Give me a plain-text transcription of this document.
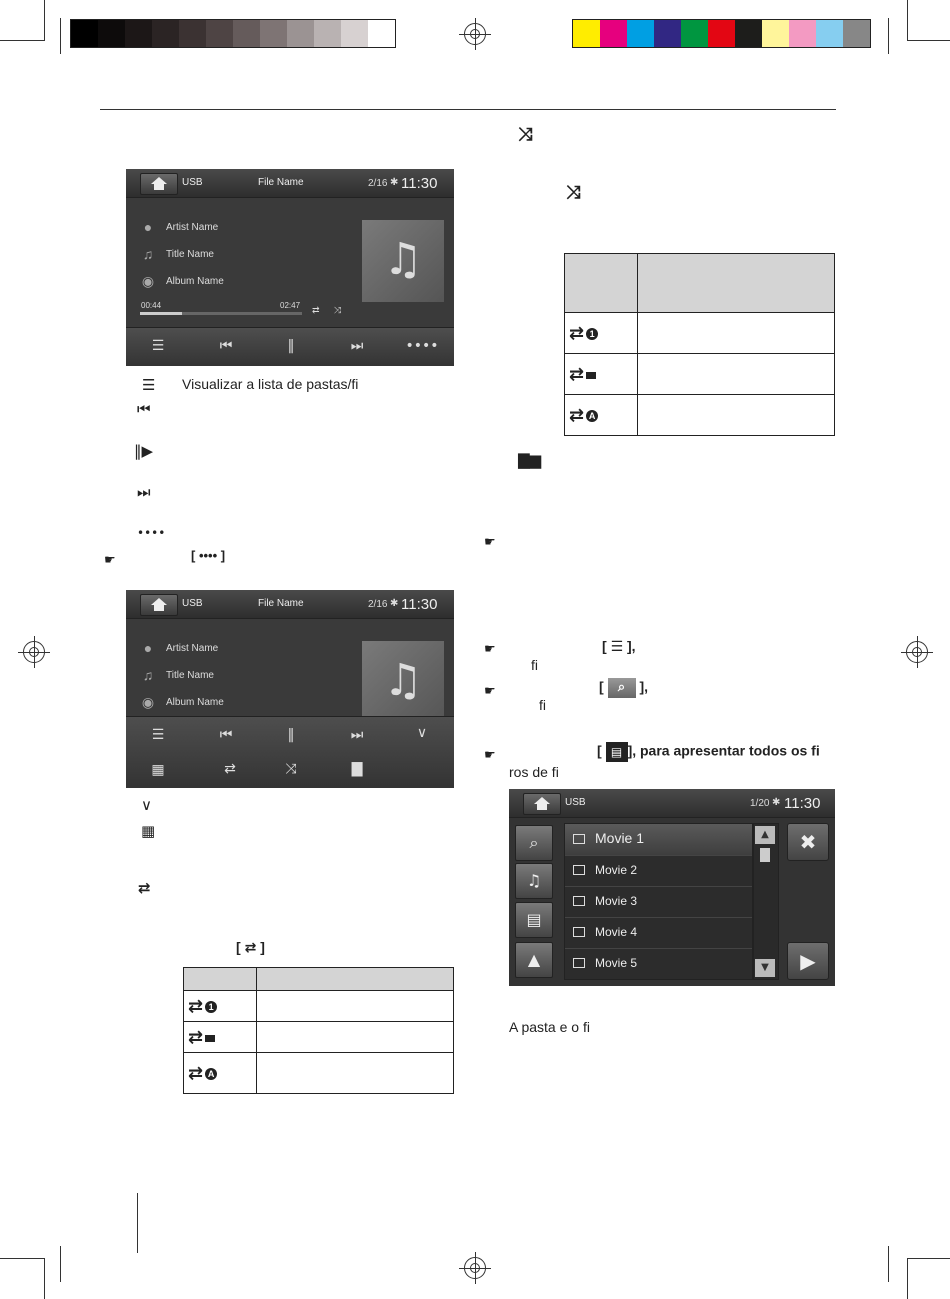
USB	File Name	2/16 ✱ 11:30
●	Artist Name
♫ Title Name
◉ Album Name	♫
00:44	02:47 ⇄ ⤨
☰	⏮	‖	⏭	••••
☰ Visualizar a lista de pastas/fi
⏮
‖▶
⏭
••••
☛	[ •••• ]
USB	File Name	2/16 ✱ 11:30
●	Artist Name
♫ Title Name
◉ Album Name	♫
☰	⏮	‖	⏭	∨
▦	⇄	⤨	▇
∨
▦
⇄
[ ⇄ ]

⇄ 1	
⇄	
⇄ A	
⤨
⤨

⇄ 1	
⇄	
⇄ A	
▇▆
☛
☛	[ ☰ ],
fi
☛	[ ⌕ ],
fi
☛	[ ▤ ], para apresentar todos os fi
ros de fi
USB	1/20 ✱ 11:30
⌕
♫
▤
▲
Movie 1
Movie 2
Movie 3
Movie 4
Movie 5
▲
▼
✖
▶
A pasta e o fi
